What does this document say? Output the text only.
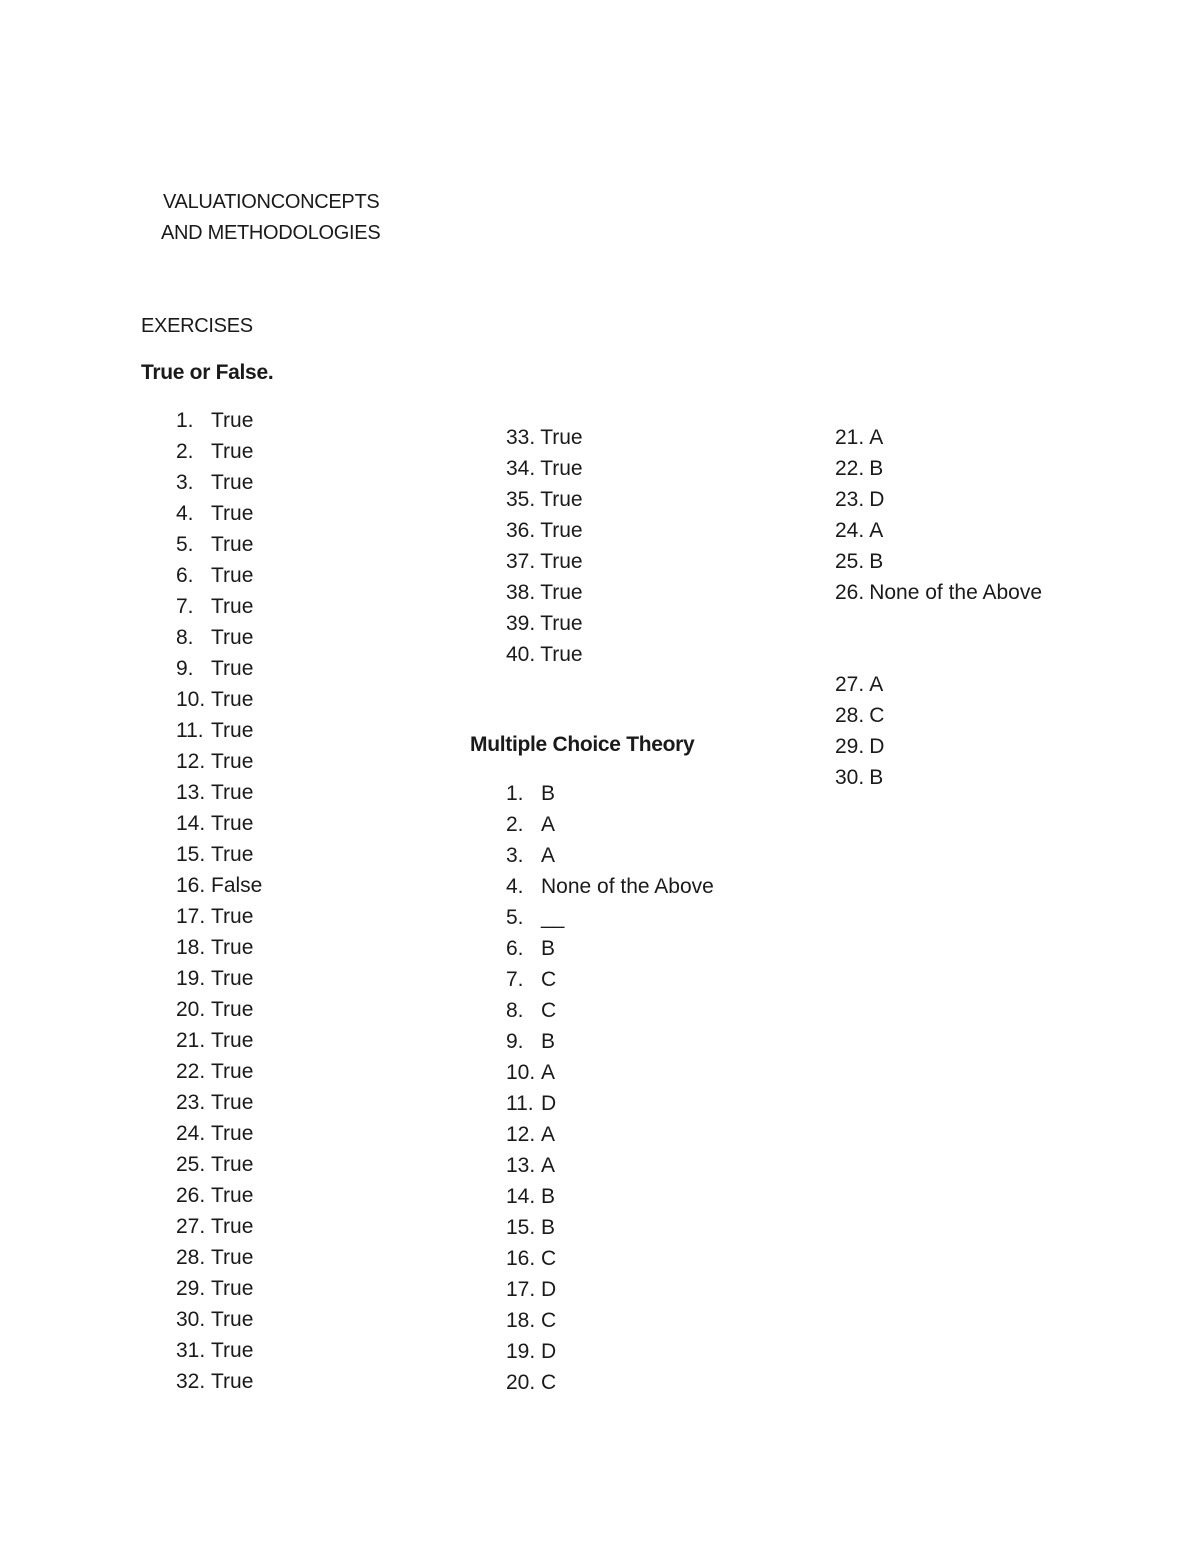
VALUATIONCONCEPTS
AND METHODOLOGIES
EXERCISES
True or False.
1. True
2. True
3. True
4. True
5. True
6. True
7. True
8. True
9. True
10. True
11. True
12. True
13. True
14. True
15. True
16. False
17. True
18. True
19. True
20. True
21. True
22. True
23. True
24. True
25. True
26. True
27. True
28. True
29. True
30. True
31. True
32. True
33. True
34. True
35. True
36. True
37. True
38. True
39. True
40. True
Multiple Choice Theory
1. B
2. A
3. A
4. None of the Above
5. __
6. B
7. C
8. C
9. B
10. A
11. D
12. A
13. A
14. B
15. B
16. C
17. D
18. C
19. D
20. C
21. A
22. B
23. D
24. A
25. B
26. None of the Above
27. A
28. C
29. D
30. B
